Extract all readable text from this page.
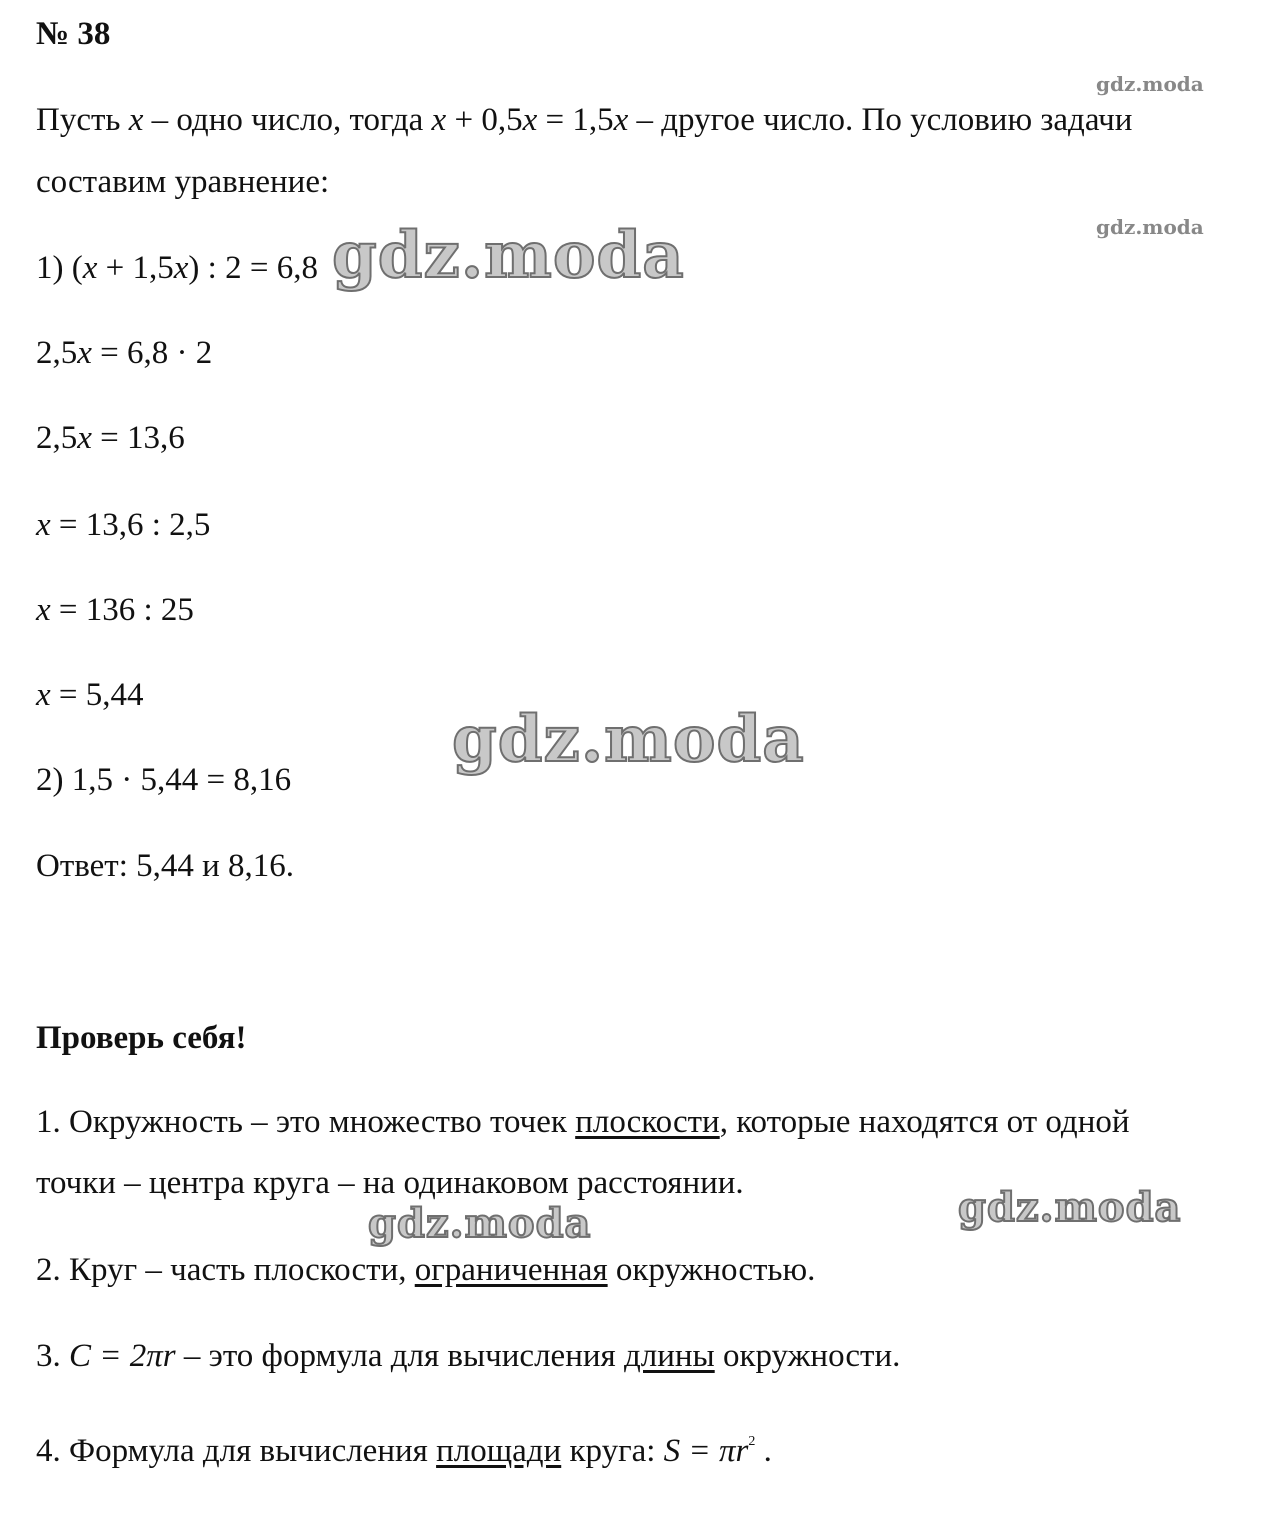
gdz.moda
gdz.moda
gdz.moda
gdz.moda
gdz.moda	gdz.moda
№ 38
Пусть x – одно число, тогда x + 0,5x = 1,5x – другое число. По условию задачи
составим уравнение:
1) (x + 1,5x) : 2 = 6,8
2,5x = 6,8 · 2
2,5x = 13,6
x = 13,6 : 2,5
x = 136 : 25
x = 5,44
2) 1,5 · 5,44 = 8,16
Ответ: 5,44 и 8,16.
Проверь себя!
1. Окружность – это множество точек плоскости, которые находятся от одной
точки – центра круга – на одинаковом расстоянии.
2. Круг – часть плоскости, ограниченная окружностью.
3. C = 2πr – это формула для вычисления длины окружности.
4. Формула для вычисления площади круга: $S = \pi r^2$ .
